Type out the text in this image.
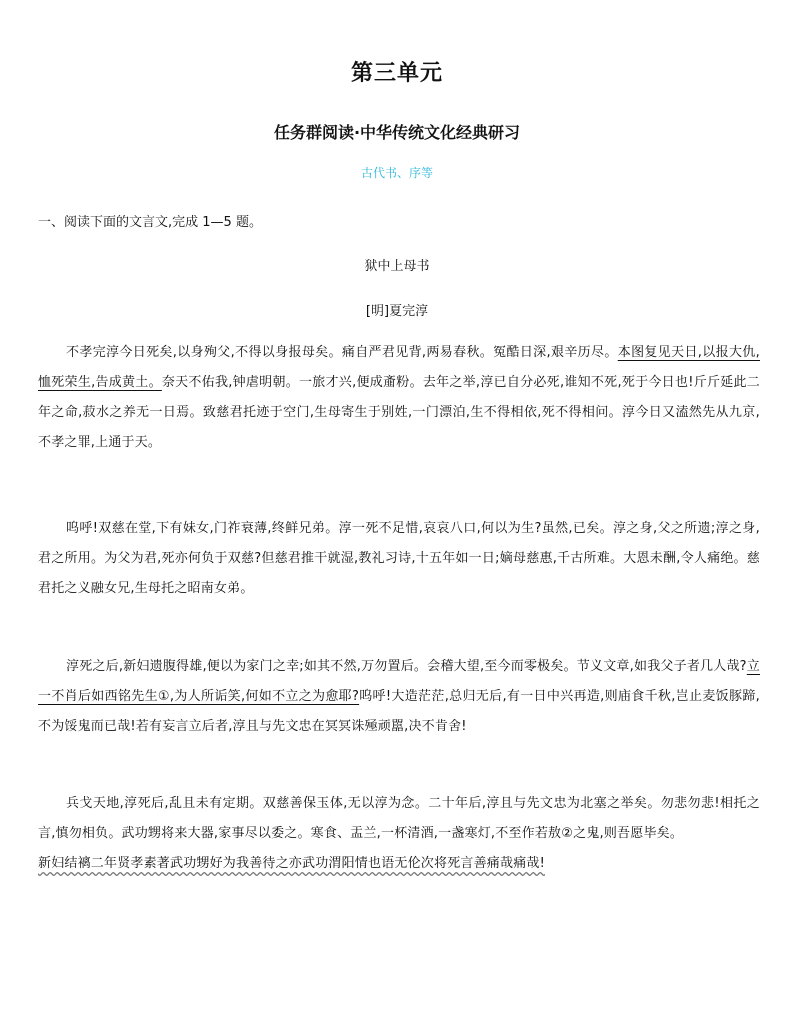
第三单元
任务群阅读·中华传统文化经典研习
古代书、序等
一、阅读下面的文言文,完成 1—5 题。
狱中上母书
[明]夏完淳

不孝完淳今日死矣,以身殉父,不得以身报母矣。痛自严君见背,两易春秋。冤酷日深,艰辛历尽。本图复见天日,以报大仇,恤死荣生,告成黄土。奈天不佑我,钟虐明朝。一旅才兴,便成齑粉。去年之举,淳已自分必死,谁知不死,死于今日也!斤斤延此二年之命,菽水之养无一日焉。致慈君托迹于空门,生母寄生于别姓,一门漂泊,生不得相依,死不得相问。淳今日又溘然先从九京,不孝之罪,上通于天。

呜呼!双慈在堂,下有妹女,门祚衰薄,终鲜兄弟。淳一死不足惜,哀哀八口,何以为生?虽然,已矣。淳之身,父之所遗;淳之身,君之所用。为父为君,死亦何负于双慈?但慈君推干就湿,教礼习诗,十五年如一日;嫡母慈惠,千古所难。大恩未酬,令人痛绝。慈君托之义融女兄,生母托之昭南女弟。

淳死之后,新妇遗腹得雄,便以为家门之幸;如其不然,万勿置后。会稽大望,至今而零极矣。节义文章,如我父子者几人哉?立一不肖后如西铭先生①,为人所诟笑,何如不立之为愈耶?呜呼!大造茫茫,总归无后,有一日中兴再造,则庙食千秋,岂止麦饭豚蹄,不为馁鬼而已哉!若有妄言立后者,淳且与先文忠在冥冥诛殛顽嚚,决不肯舍!

兵戈天地,淳死后,乱且未有定期。双慈善保玉体,无以淳为念。二十年后,淳且与先文忠为北塞之举矣。勿悲勿悲!相托之言,慎勿相负。武功甥将来大器,家事尽以委之。寒食、盂兰,一杯清酒,一盏寒灯,不至作若敖②之鬼,则吾愿毕矣。
新妇结褵二年贤孝素著武功甥好为我善待之亦武功渭阳情也语无伦次将死言善痛哉痛哉!
